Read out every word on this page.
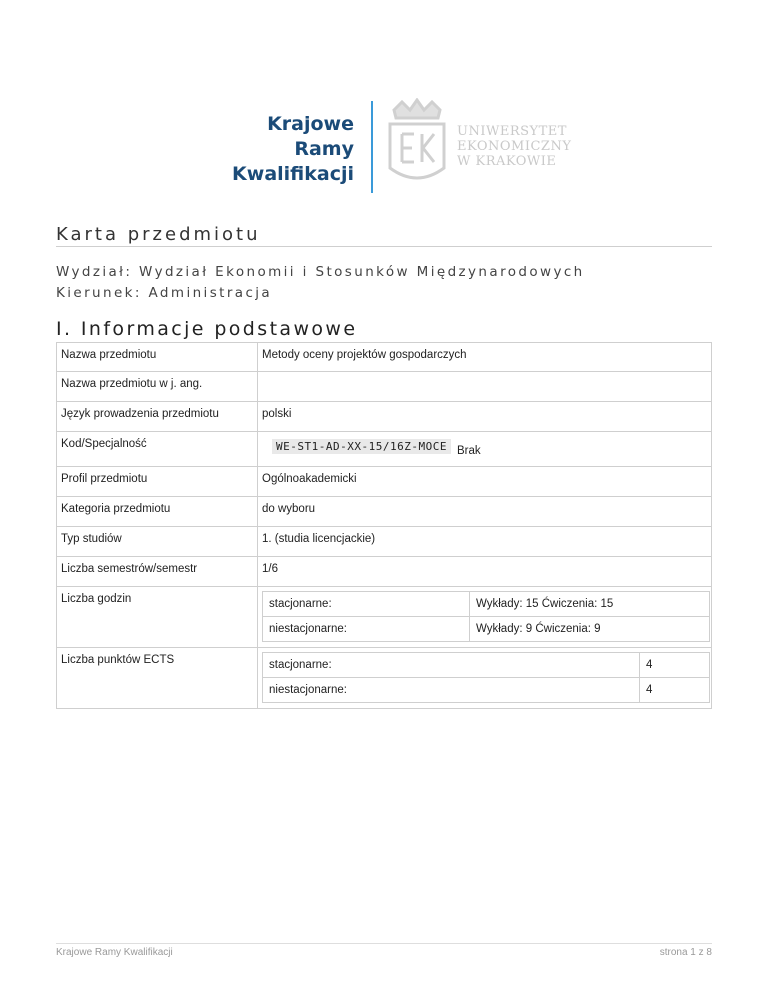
Krajowe
Ramy
Kwalifikacji
UNIWERSYTET
EKONOMICZNY
W KRAKOWIE
Karta przedmiotu
Wydział: Wydział Ekonomii i Stosunków Międzynarodowych
Kierunek: Administracja
I. Informacje podstawowe
Nazwa przedmiotu	Metody oceny projektów gospodarczych
Nazwa przedmiotu w j. ang.	
Język prowadzenia przedmiotu	polski
Kod/Specjalność	WE-ST1-AD-XX-15/16Z-MOCE Brak
Profil przedmiotu	Ogólnoakademicki
Kategoria przedmiotu	do wyboru
Typ studiów	1. (studia licencjackie)
Liczba semestrów/semestr	1/6
Liczba godzin		stacjonarne:	Wykłady: 15 Ćwiczenia: 15
niestacjonarne:	Wykłady: 9 Ćwiczenia: 9

Liczba punktów ECTS		stacjonarne:	4
niestacjonarne:	4
Krajowe Ramy Kwalifikacji	strona 1 z 8
